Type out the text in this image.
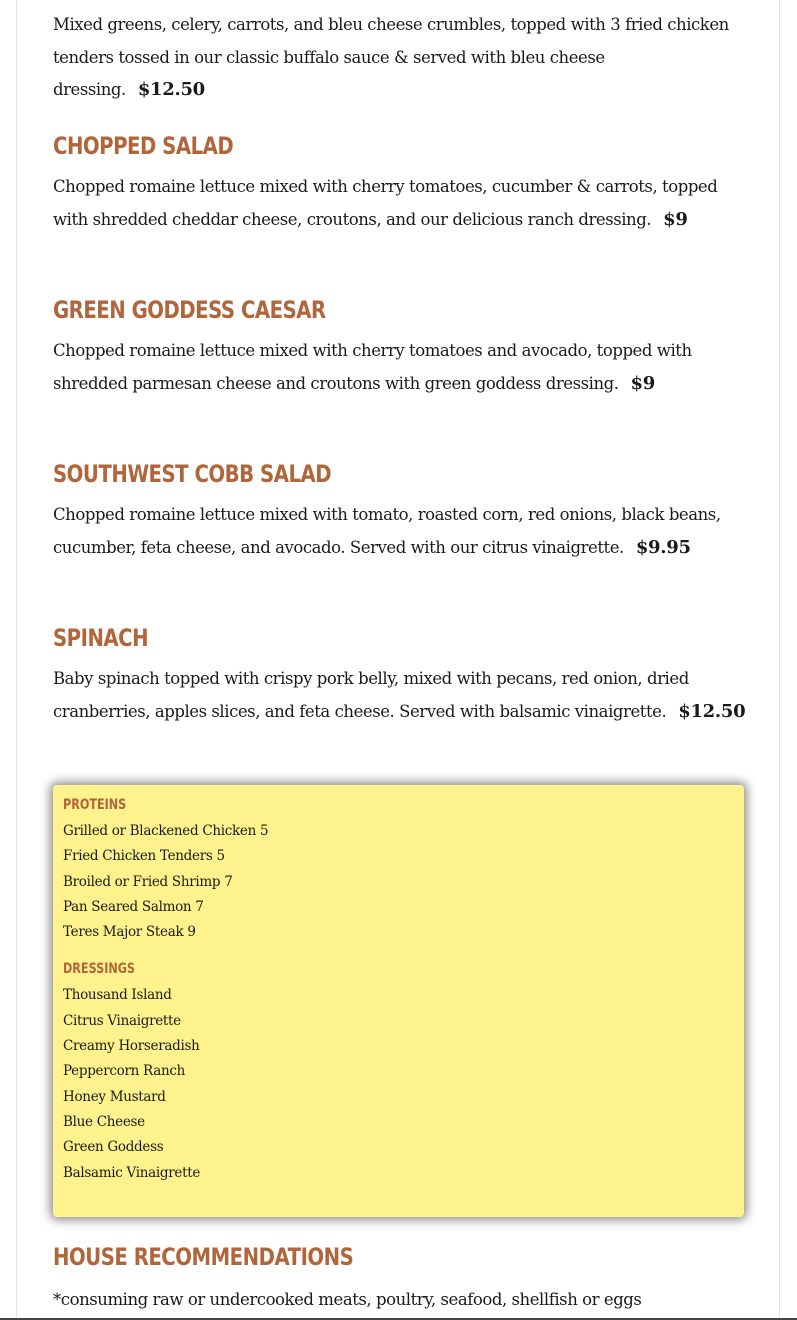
Mixed greens, celery, carrots, and bleu cheese crumbles, topped with 3 fried chicken tenders tossed in our classic buffalo sauce & served with bleu cheese dressing. $12.50

CHOPPED SALAD

Chopped romaine lettuce mixed with cherry tomatoes, cucumber & carrots, topped with shredded cheddar cheese, croutons, and our delicious ranch dressing. $9

GREEN GODDESS CAESAR

Chopped romaine lettuce mixed with cherry tomatoes and avocado, topped with shredded parmesan cheese and croutons with green goddess dressing. $9

SOUTHWEST COBB SALAD

Chopped romaine lettuce mixed with tomato, roasted corn, red onions, black beans, cucumber, feta cheese, and avocado. Served with our citrus vinaigrette. $9.95

SPINACH

Baby spinach topped with crispy pork belly, mixed with pecans, red onion, dried cranberries, apples slices, and feta cheese. Served with balsamic vinaigrette. $12.50

PROTEINS
Grilled or Blackened Chicken 5
Fried Chicken Tenders 5
Broiled or Fried Shrimp 7
Pan Seared Salmon 7
Teres Major Steak 9
DRESSINGS
Thousand Island
Citrus Vinaigrette
Creamy Horseradish
Peppercorn Ranch
Honey Mustard
Blue Cheese
Green Goddess
Balsamic Vinaigrette
HOUSE RECOMMENDATIONS

*consuming raw or undercooked meats, poultry, seafood, shellfish or eggs
